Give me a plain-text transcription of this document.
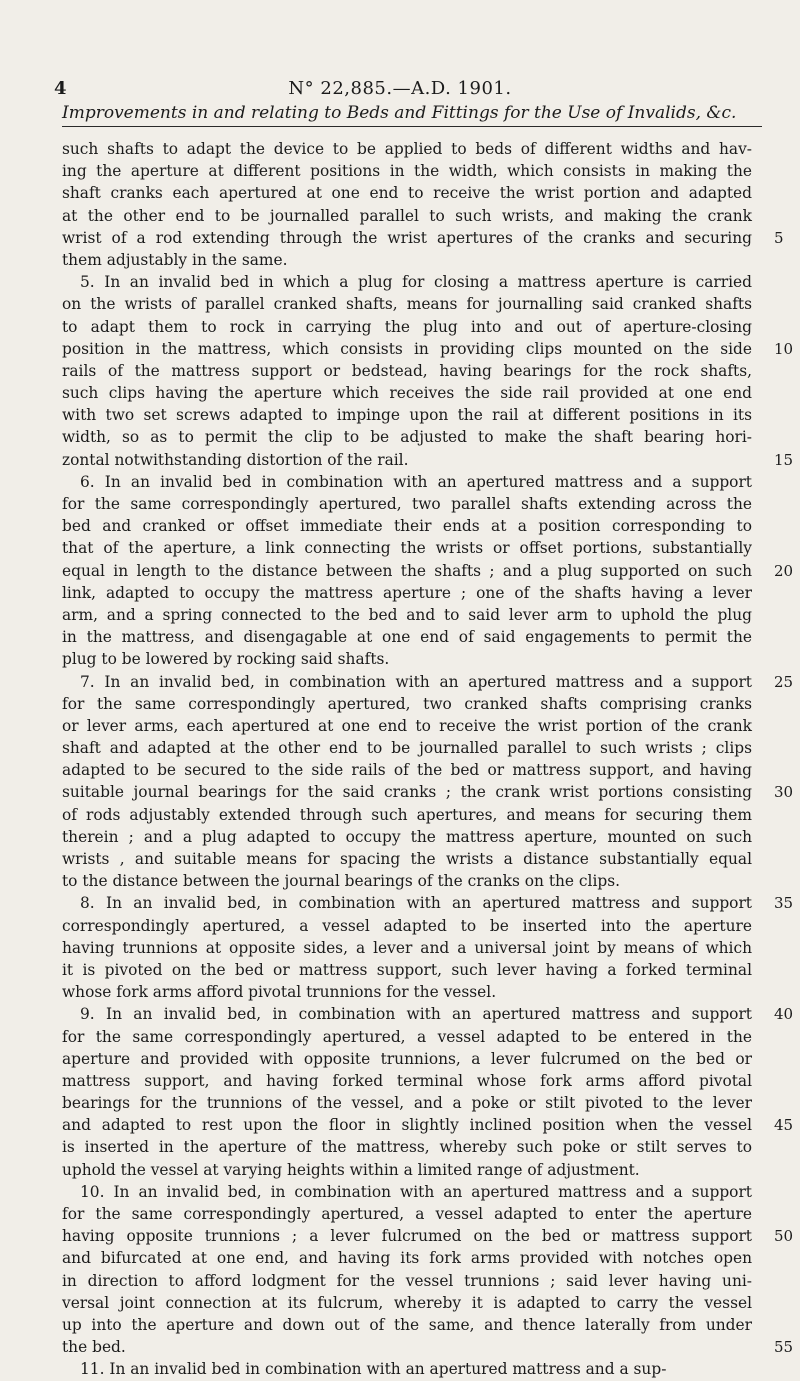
4	N° 22,885.—A.D. 1901.
Improvements in and relating to Beds and Fittings for the Use of Invalids, &c.
such shafts to adapt the device to be applied to beds of different widths and hav-
ing the aperture at different positions in the width, which consists in making the
shaft cranks each apertured at one end to receive the wrist portion and adapted
at the other end to be journalled parallel to such wrists, and making the crank
wrist of a rod extending through the wrist apertures of the cranks and securing 5
them adjustably in the same.
5. In an invalid bed in which a plug for closing a mattress aperture is carried
on the wrists of parallel cranked shafts, means for journalling said cranked shafts
to adapt them to rock in carrying the plug into and out of aperture-closing
position in the mattress, which consists in providing clips mounted on the side 10
rails of the mattress support or bedstead, having bearings for the rock shafts,
such clips having the aperture which receives the side rail provided at one end
with two set screws adapted to impinge upon the rail at different positions in its
width, so as to permit the clip to be adjusted to make the shaft bearing hori-
zontal notwithstanding distortion of the rail.	15
6. In an invalid bed in combination with an apertured mattress and a support
for the same correspondingly apertured, two parallel shafts extending across the
bed and cranked or offset immediate their ends at a position corresponding to
that of the aperture, a link connecting the wrists or offset portions, substantially
equal in length to the distance between the shafts ; and a plug supported on such 20
link, adapted to occupy the mattress aperture ; one of the shafts having a lever
arm, and a spring connected to the bed and to said lever arm to uphold the plug
in the mattress, and disengagable at one end of said engagements to permit the
plug to be lowered by rocking said shafts.
7. In an invalid bed, in combination with an apertured mattress and a support 25
for the same correspondingly apertured, two cranked shafts comprising cranks
or lever arms, each apertured at one end to receive the wrist portion of the crank
shaft and adapted at the other end to be journalled parallel to such wrists ; clips
adapted to be secured to the side rails of the bed or mattress support, and having
suitable journal bearings for the said cranks ; the crank wrist portions consisting 30
of rods adjustably extended through such apertures, and means for securing them
therein ; and a plug adapted to occupy the mattress aperture, mounted on such
wrists , and suitable means for spacing the wrists a distance substantially equal
to the distance between the journal bearings of the cranks on the clips.
8. In an invalid bed, in combination with an apertured mattress and support 35
correspondingly apertured, a vessel adapted to be inserted into the aperture
having trunnions at opposite sides, a lever and a universal joint by means of which
it is pivoted on the bed or mattress support, such lever having a forked terminal
whose fork arms afford pivotal trunnions for the vessel.
9. In an invalid bed, in combination with an apertured mattress and support 40
for the same correspondingly apertured, a vessel adapted to be entered in the
aperture and provided with opposite trunnions, a lever fulcrumed on the bed or
mattress support, and having forked terminal whose fork arms afford pivotal
bearings for the trunnions of the vessel, and a poke or stilt pivoted to the lever
and adapted to rest upon the floor in slightly inclined position when the vessel 45
is inserted in the aperture of the mattress, whereby such poke or stilt serves to
uphold the vessel at varying heights within a limited range of adjustment.
10. In an invalid bed, in combination with an apertured mattress and a support
for the same correspondingly apertured, a vessel adapted to enter the aperture
having opposite trunnions ; a lever fulcrumed on the bed or mattress support 50
and bifurcated at one end, and having its fork arms provided with notches open
in direction to afford lodgment for the vessel trunnions ; said lever having uni-
versal joint connection at its fulcrum, whereby it is adapted to carry the vessel
up into the aperture and down out of the same, and thence laterally from under
the bed.	55
11. In an invalid bed in combination with an apertured mattress and a sup-
